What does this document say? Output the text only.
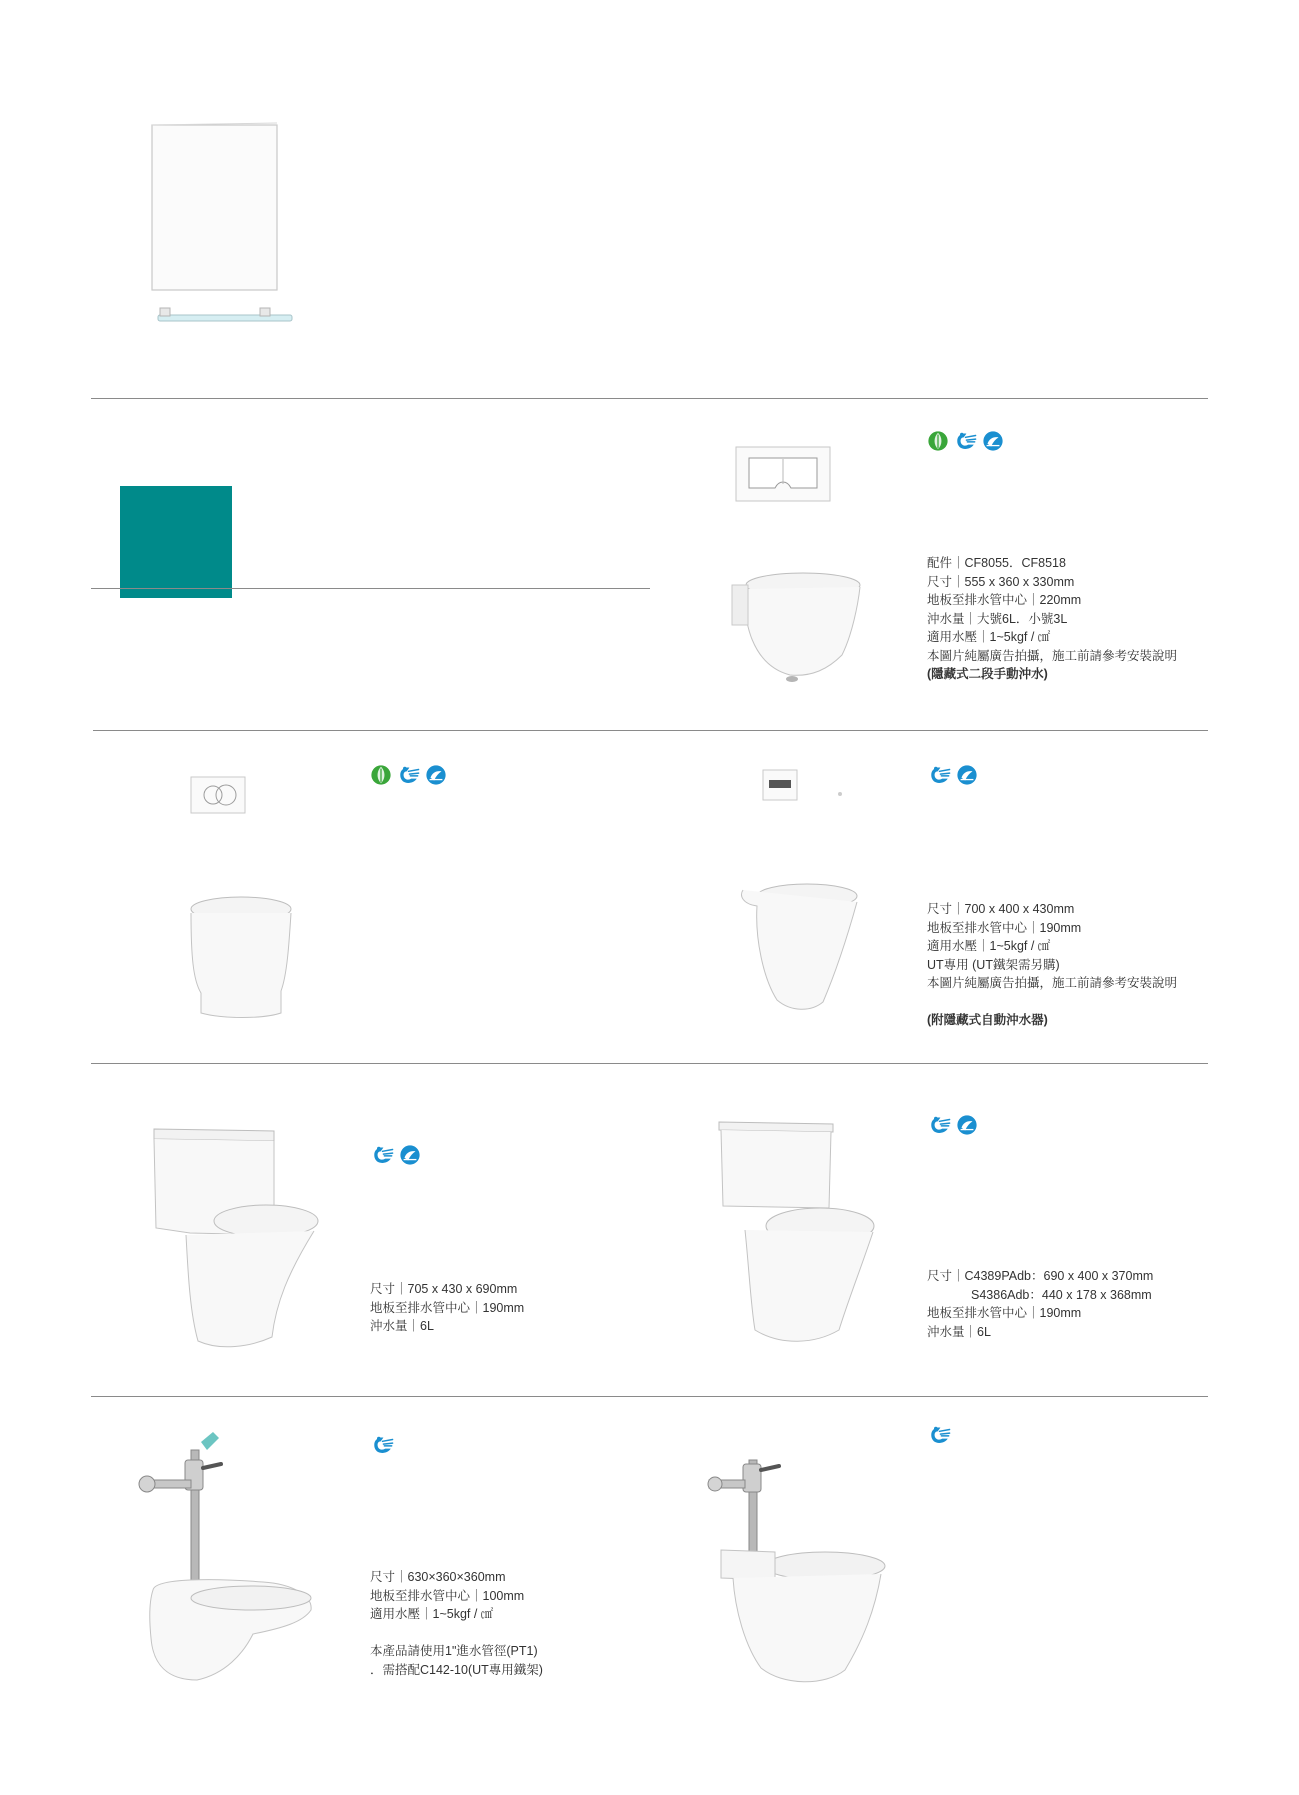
配件｜CF8055．CF8518
尺寸｜555 x 360 x 330mm
地板至排水管中心｜220mm
沖水量｜大號6L．小號3L
適用水壓｜1~5kgf / ㎠
本圖片純屬廣告拍攝，施工前請參考安裝說明
(隱藏式二段手動沖水)
尺寸｜700 x 400 x 430mm
地板至排水管中心｜190mm
適用水壓｜1~5kgf / ㎠
UT專用 (UT鐵架需另購)
本圖片純屬廣告拍攝，施工前請參考安裝說明
(附隱藏式自動沖水器)
尺寸｜705 x 430 x 690mm
地板至排水管中心｜190mm
沖水量｜6L
尺寸｜C4389PAdb：690 x 400 x 370mm
S4386Adb：440 x 178 x 368mm
地板至排水管中心｜190mm
沖水量｜6L
尺寸｜630×360×360mm
地板至排水管中心｜100mm
適用水壓｜1~5kgf / ㎠
本產品請使用1"進水管徑(PT1)
．需搭配C142-10(UT專用鐵架)
